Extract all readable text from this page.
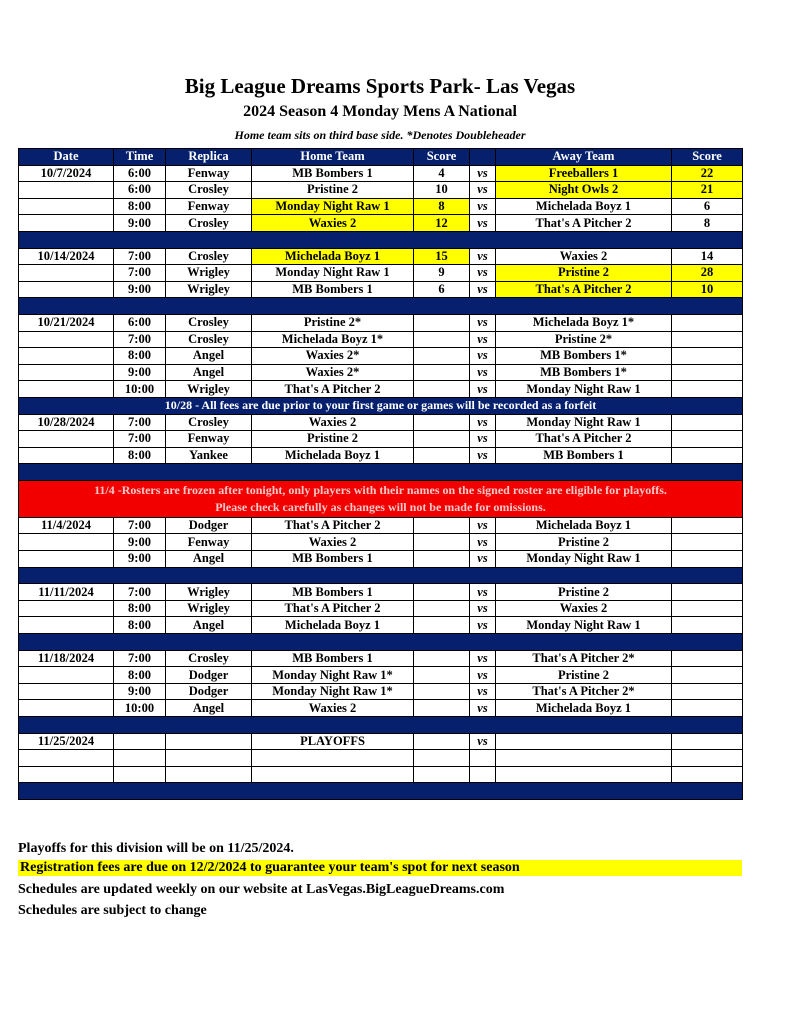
Big League Dreams Sports Park- Las Vegas
2024 Season 4 Monday Mens A National
Home team sits on third base side. *Denotes Doubleheader
Date	Time	Replica	Home Team	Score		Away Team	Score
10/7/2024	6:00	Fenway	MB Bombers 1	4	vs	Freeballers 1	22
	6:00	Crosley	Pristine 2	10	vs	Night Owls 2	21
	8:00	Fenway	Monday Night Raw 1	8	vs	Michelada Boyz 1	6
	9:00	Crosley	Waxies 2	12	vs	That's A Pitcher 2	8

10/14/2024	7:00	Crosley	Michelada Boyz 1	15	vs	Waxies 2	14
	7:00	Wrigley	Monday Night Raw 1	9	vs	Pristine 2	28
	9:00	Wrigley	MB Bombers 1	6	vs	That's A Pitcher 2	10

10/21/2024	6:00	Crosley	Pristine 2*		vs	Michelada Boyz 1*	
	7:00	Crosley	Michelada Boyz 1*		vs	Pristine 2*	
	8:00	Angel	Waxies 2*		vs	MB Bombers 1*	
	9:00	Angel	Waxies 2*		vs	MB Bombers 1*	
	10:00	Wrigley	That's A Pitcher 2		vs	Monday Night Raw 1	
10/28 - All fees are due prior to your first game or games will be recorded as a forfeit							
10/28/2024	7:00	Crosley	Waxies 2		vs	Monday Night Raw 1	
	7:00	Fenway	Pristine 2		vs	That's A Pitcher 2	
	8:00	Yankee	Michelada Boyz 1		vs	MB Bombers 1	

11/4 -Rosters are frozen after tonight, only players with their names on the signed roster are eligible for playoffs.
Please check carefully as changes will not be made for omissions.							

11/4/2024	7:00	Dodger	That's A Pitcher 2		vs	Michelada Boyz 1	
	9:00	Fenway	Waxies 2		vs	Pristine 2	
	9:00	Angel	MB Bombers 1		vs	Monday Night Raw 1	

11/11/2024	7:00	Wrigley	MB Bombers 1		vs	Pristine 2	
	8:00	Wrigley	That's A Pitcher 2		vs	Waxies 2	
	8:00	Angel	Michelada Boyz 1		vs	Monday Night Raw 1	

11/18/2024	7:00	Crosley	MB Bombers 1		vs	That's A Pitcher 2*	
	8:00	Dodger	Monday Night Raw 1*		vs	Pristine 2	
	9:00	Dodger	Monday Night Raw 1*		vs	That's A Pitcher 2*	
	10:00	Angel	Waxies 2		vs	Michelada Boyz 1	

11/25/2024			PLAYOFFS		vs		

Playoffs for this division will be on 11/25/2024.
Registration fees are due on 12/2/2024 to guarantee your team's spot for next season
Schedules are updated weekly on our website at LasVegas.BigLeagueDreams.com
Schedules are subject to change
